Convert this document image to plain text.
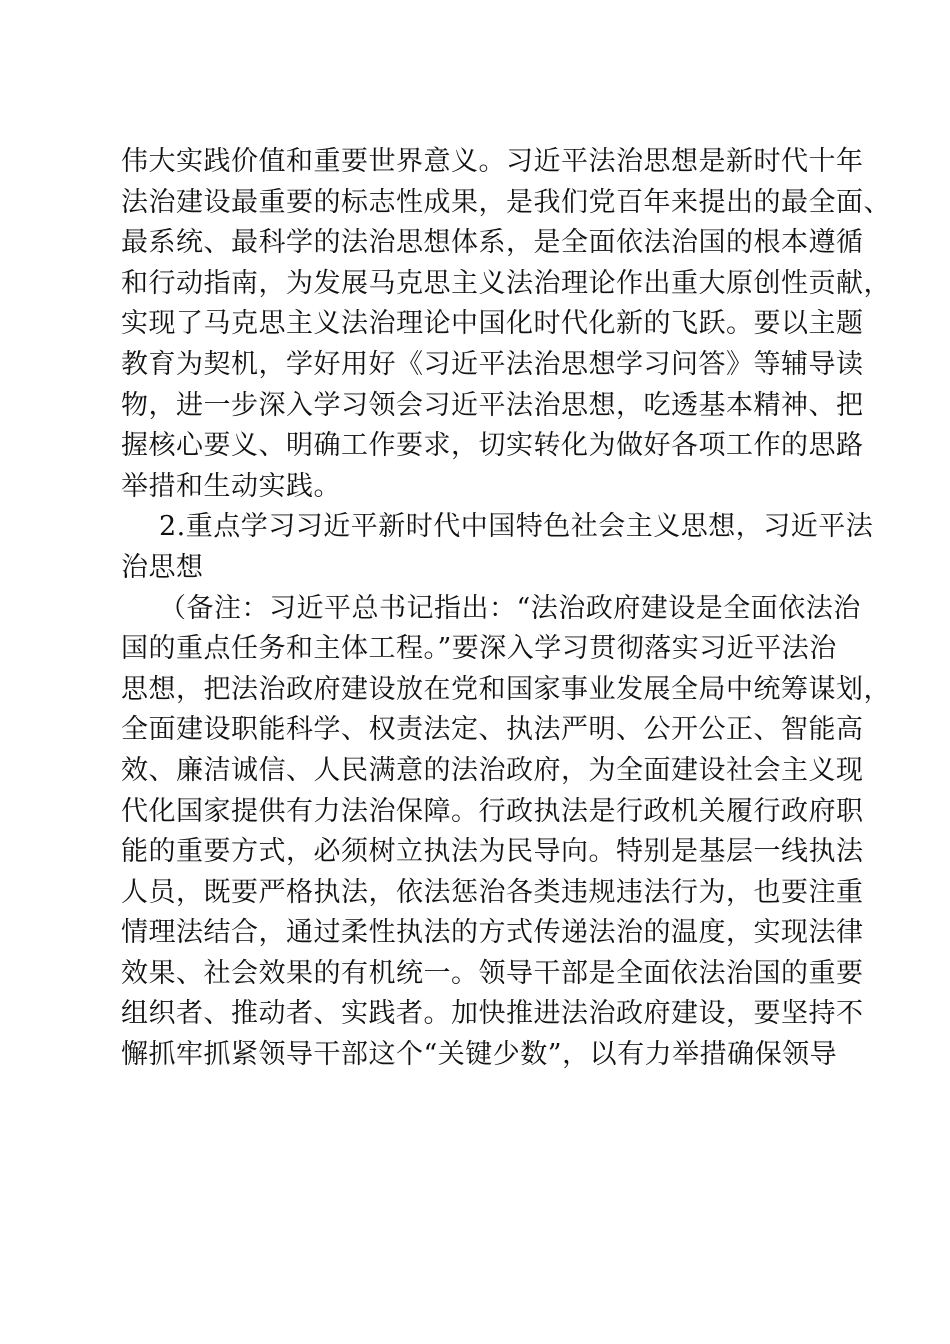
伟大实践价值和重要世界意义。习近平法治思想是新时代十年
法治建设最重要的标志性成果，是我们党百年来提出的最全面、
最系统、最科学的法治思想体系，是全面依法治国的根本遵循
和行动指南，为发展马克思主义法治理论作出重大原创性贡献，
实现了马克思主义法治理论中国化时代化新的飞跃。要以主题
教育为契机，学好用好《习近平法治思想学习问答》等辅导读
物，进一步深入学习领会习近平法治思想，吃透基本精神、把
握核心要义、明确工作要求，切实转化为做好各项工作的思路
举措和生动实践。
2.重点学习习近平新时代中国特色社会主义思想，习近平法
治思想
（备注：习近平总书记指出：“法治政府建设是全面依法治
国的重点任务和主体工程。”要深入学习贯彻落实习近平法治
思想，把法治政府建设放在党和国家事业发展全局中统筹谋划，
全面建设职能科学、权责法定、执法严明、公开公正、智能高
效、廉洁诚信、人民满意的法治政府，为全面建设社会主义现
代化国家提供有力法治保障。行政执法是行政机关履行政府职
能的重要方式，必须树立执法为民导向。特别是基层一线执法
人员，既要严格执法，依法惩治各类违规违法行为，也要注重
情理法结合，通过柔性执法的方式传递法治的温度，实现法律
效果、社会效果的有机统一。领导干部是全面依法治国的重要
组织者、推动者、实践者。加快推进法治政府建设，要坚持不
懈抓牢抓紧领导干部这个“关键少数”，以有力举措确保领导
